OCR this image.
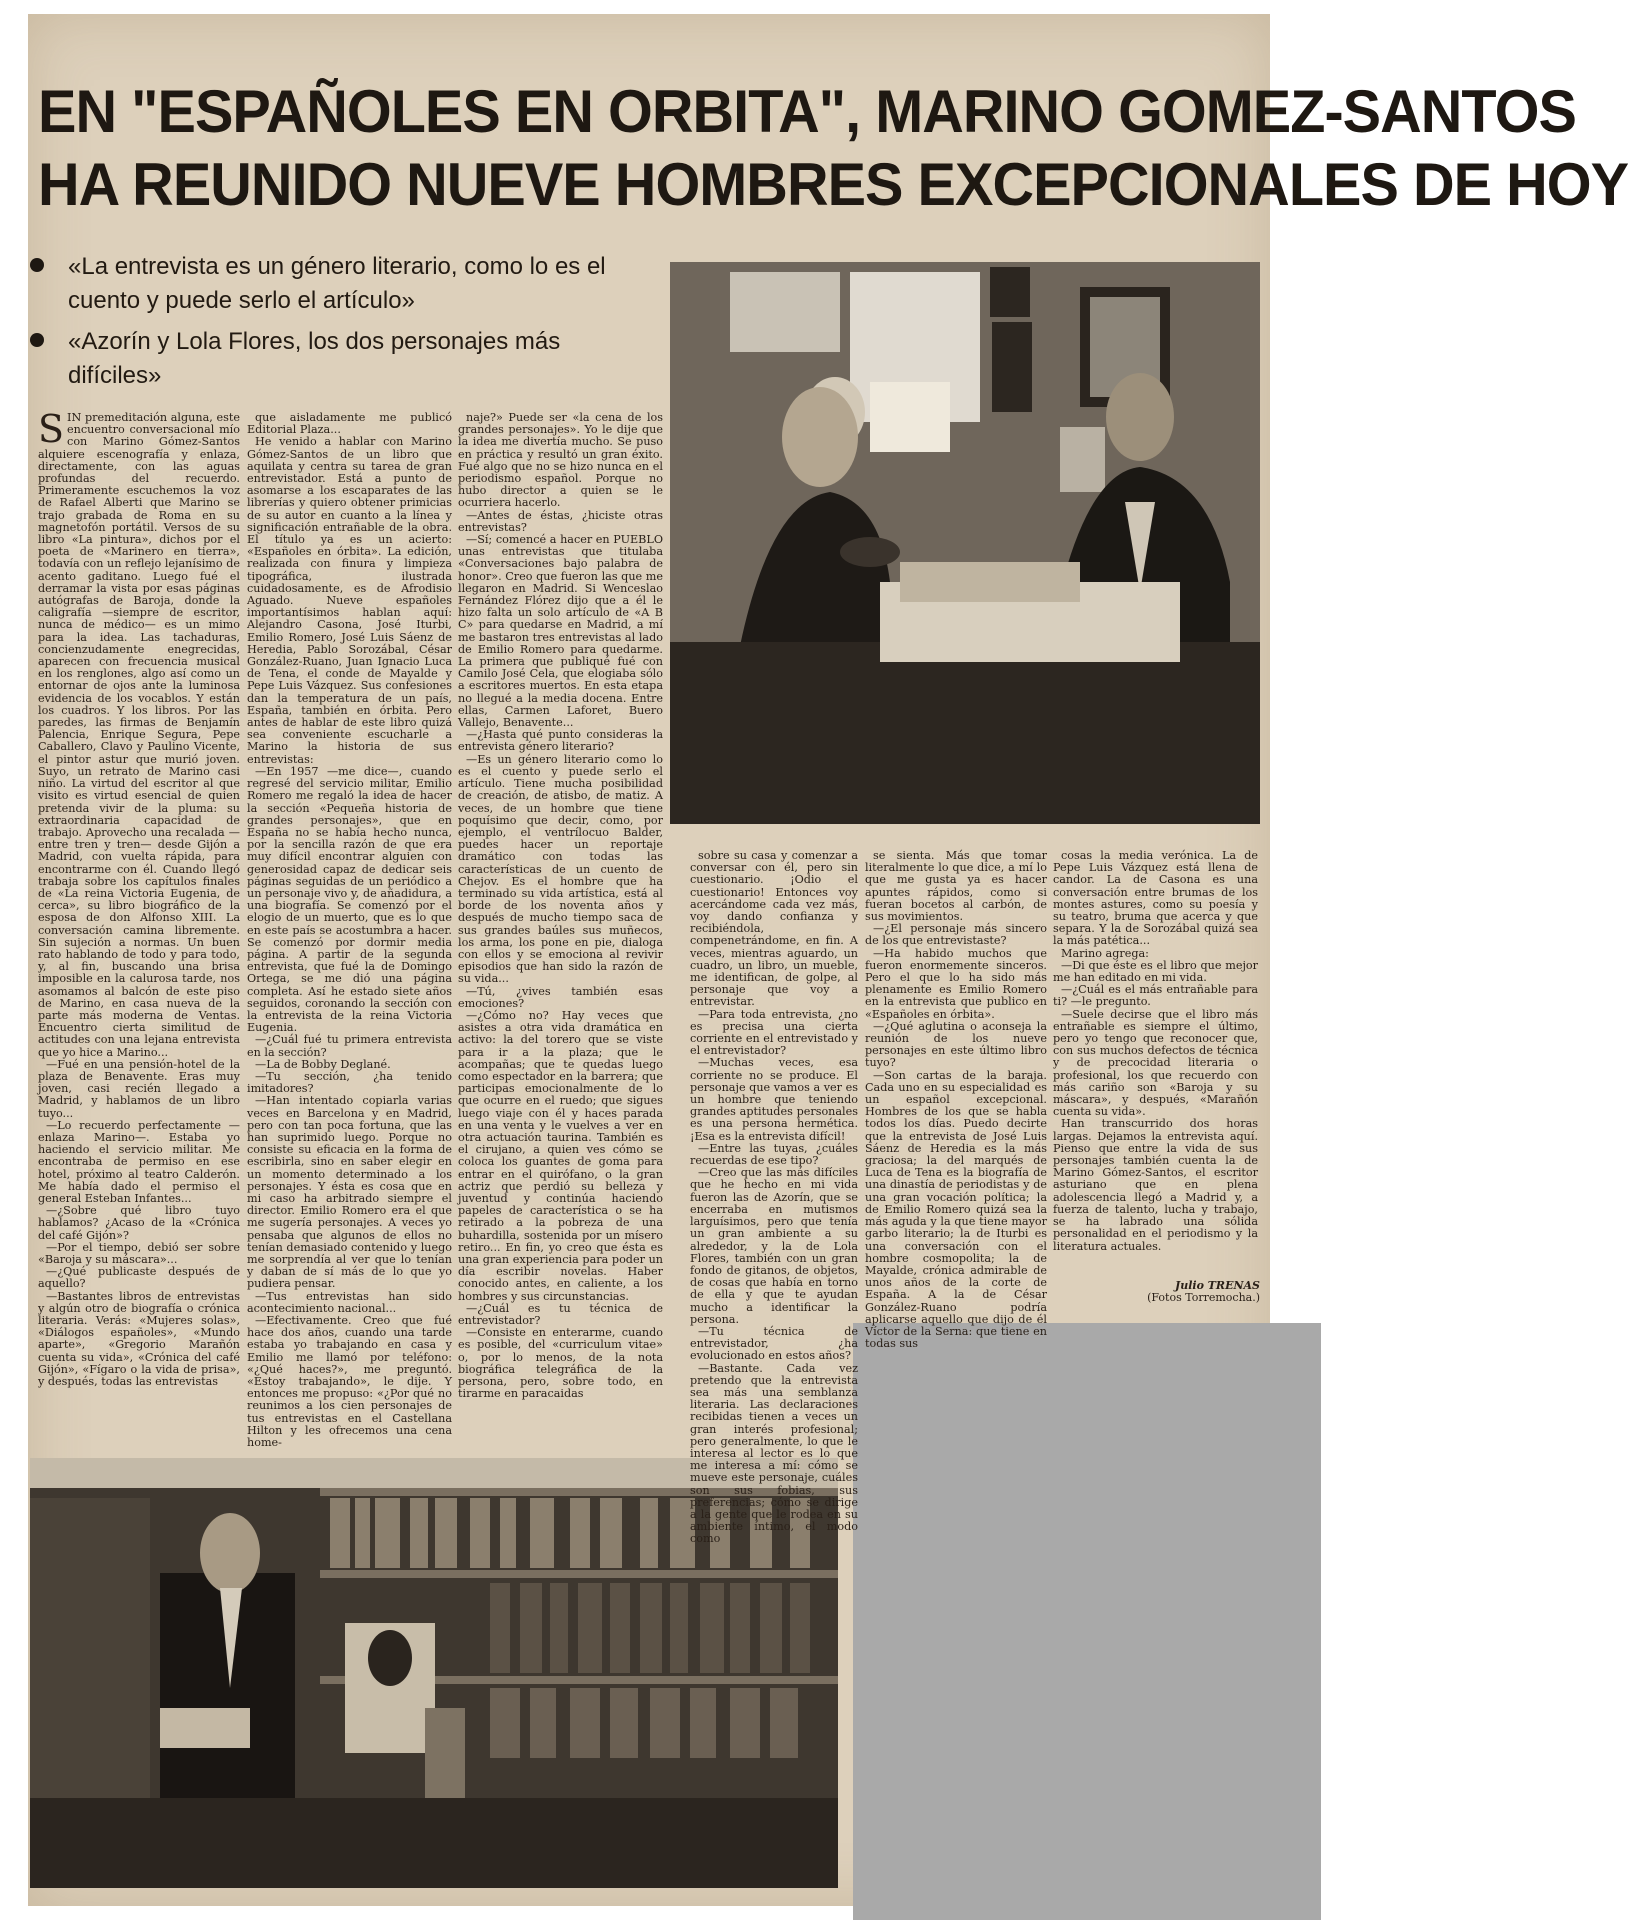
EN "ESPAÑOLES EN ORBITA", MARINO GOMEZ-SANTOS
HA REUNIDO NUEVE HOMBRES EXCEPCIONALES DE HOY
«La entrevista es un género literario, como lo es el cuento y puede serlo el artículo»
«Azorín y Lola Flores, los dos personajes más difíciles»

SIN premeditación alguna, este encuentro conversacional mío con Marino Gómez-Santos alquiere escenografía y enlaza, directamente, con las aguas profundas del recuerdo. Primeramente escuchemos la voz de Rafael Alberti que Marino se trajo grabada de Roma en su magnetofón portátil. Versos de su libro «La pintura», dichos por el poeta de «Marinero en tierra», todavía con un reflejo lejanísimo de acento gaditano. Luego fué el derramar la vista por esas páginas autógrafas de Baroja, donde la caligrafía —siempre de escritor, nunca de médico— es un mimo para la idea. Las tachaduras, concienzudamente enegrecidas, aparecen con frecuencia musical en los renglones, algo así como un entornar de ojos ante la luminosa evidencia de los vocablos. Y están los cuadros. Y los libros. Por las paredes, las firmas de Benjamín Palencia, Enrique Segura, Pepe Caballero, Clavo y Paulino Vicente, el pintor astur que murió joven. Suyo, un retrato de Marino casi niño. La virtud del escritor al que visito es virtud esencial de quien pretenda vivir de la pluma: su extraordinaria capacidad de trabajo. Aprovecho una recalada —entre tren y tren— desde Gijón a Madrid, con vuelta rápida, para encontrarme con él. Cuando llegó trabaja sobre los capítulos finales de «La reina Victoria Eugenia, de cerca», su libro biográfico de la esposa de don Alfonso XIII. La conversación camina libremente. Sin sujeción a normas. Un buen rato hablando de todo y para todo, y, al fin, buscando una brisa imposible en la calurosa tarde, nos asomamos al balcón de este piso de Marino, en casa nueva de la parte más moderna de Ventas. Encuentro cierta similitud de actitudes con una lejana entrevista que yo hice a Marino...

—Fué en una pensión-hotel de la plaza de Benavente. Eras muy joven, casi recién llegado a Madrid, y hablamos de un libro tuyo...

—Lo recuerdo perfectamente —enlaza Marino—. Estaba yo haciendo el servicio militar. Me encontraba de permiso en ese hotel, próximo al teatro Calderón. Me había dado el permiso el general Esteban Infantes...

—¿Sobre qué libro tuyo hablamos? ¿Acaso de la «Crónica del café Gijón»?

—Por el tiempo, debió ser sobre «Baroja y su máscara»...

—¿Qué publicaste después de aquello?

—Bastantes libros de entrevistas y algún otro de biografía o crónica literaria. Verás: «Mujeres solas», «Diálogos españoles», «Mundo aparte», «Gregorio Marañón cuenta su vida», «Crónica del café Gijón», «Fígaro o la vida de prisa», y después, todas las entrevistas

que aisladamente me publicó Editorial Plaza...

He venido a hablar con Marino Gómez-Santos de un libro que aquilata y centra su tarea de gran entrevistador. Está a punto de asomarse a los escaparates de las librerías y quiero obtener primicias de su autor en cuanto a la línea y significación entrañable de la obra. El título ya es un acierto: «Españoles en órbita». La edición, realizada con finura y limpieza tipográfica, ilustrada cuidadosamente, es de Afrodisio Aguado. Nueve españoles importantísimos hablan aquí: Alejandro Casona, José Iturbi, Emilio Romero, José Luis Sáenz de Heredia, Pablo Sorozábal, César González-Ruano, Juan Ignacio Luca de Tena, el conde de Mayalde y Pepe Luis Vázquez. Sus confesiones dan la temperatura de un país, España, también en órbita. Pero antes de hablar de este libro quizá sea conveniente escucharle a Marino la historia de sus entrevistas:

—En 1957 —me dice—, cuando regresé del servicio militar, Emilio Romero me regaló la idea de hacer la sección «Pequeña historia de grandes personajes», que en España no se había hecho nunca, por la sencilla razón de que era muy difícil encontrar alguien con generosidad capaz de dedicar seis páginas seguidas de un periódico a un personaje vivo y, de añadidura, a una biografía. Se comenzó por el elogio de un muerto, que es lo que en este país se acostumbra a hacer. Se comenzó por dormir media página. A partir de la segunda entrevista, que fué la de Domingo Ortega, se me dió una página completa. Así he estado siete años seguidos, coronando la sección con la entrevista de la reina Victoria Eugenia.

—¿Cuál fué tu primera entrevista en la sección?

—La de Bobby Deglané.

—Tu sección, ¿ha tenido imitadores?

—Han intentado copiarla varias veces en Barcelona y en Madrid, pero con tan poca fortuna, que las han suprimido luego. Porque no consiste su eficacia en la forma de escribirla, sino en saber elegir en un momento determinado a los personajes. Y ésta es cosa que en mi caso ha arbitrado siempre el director. Emilio Romero era el que me sugería personajes. A veces yo pensaba que algunos de ellos no tenían demasiado contenido y luego me sorprendía al ver que lo tenían y daban de sí más de lo que yo pudiera pensar.

—Tus entrevistas han sido acontecimiento nacional...

—Efectivamente. Creo que fué hace dos años, cuando una tarde estaba yo trabajando en casa y Emilio me llamó por teléfono: «¿Qué haces?», me preguntó. «Estoy trabajando», le dije. Y entonces me propuso: «¿Por qué no reunimos a los cien personajes de tus entrevistas en el Castellana Hilton y les ofrecemos una cena home-

naje?» Puede ser «la cena de los grandes personajes». Yo le dije que la idea me divertía mucho. Se puso en práctica y resultó un gran éxito. Fué algo que no se hizo nunca en el periodismo español. Porque no hubo director a quien se le ocurriera hacerlo.

—Antes de éstas, ¿hiciste otras entrevistas?

—Sí; comencé a hacer en PUEBLO unas entrevistas que titulaba «Conversaciones bajo palabra de honor». Creo que fueron las que me llegaron en Madrid. Si Wenceslao Fernández Flórez dijo que a él le hizo falta un solo artículo de «A B C» para quedarse en Madrid, a mí me bastaron tres entrevistas al lado de Emilio Romero para quedarme. La primera que publiqué fué con Camilo José Cela, que elogiaba sólo a escritores muertos. En esta etapa no llegué a la media docena. Entre ellas, Carmen Laforet, Buero Vallejo, Benavente...

—¿Hasta qué punto consideras la entrevista género literario?

—Es un género literario como lo es el cuento y puede serlo el artículo. Tiene mucha posibilidad de creación, de atisbo, de matiz. A veces, de un hombre que tiene poquísimo que decir, como, por ejemplo, el ventrílocuo Balder, puedes hacer un reportaje dramático con todas las características de un cuento de Chejov. Es el hombre que ha terminado su vida artística, está al borde de los noventa años y después de mucho tiempo saca de sus grandes baúles sus muñecos, los arma, los pone en pie, dialoga con ellos y se emociona al revivir episodios que han sido la razón de su vida...

—Tú, ¿vives también esas emociones?

—¿Cómo no? Hay veces que asistes a otra vida dramática en activo: la del torero que se viste para ir a la plaza; que le acompañas; que te quedas luego como espectador en la barrera; que participas emocionalmente de lo que ocurre en el ruedo; que sigues luego viaje con él y haces parada en una venta y le vuelves a ver en otra actuación taurina. También es el cirujano, a quien ves cómo se coloca los guantes de goma para entrar en el quirófano, o la gran actriz que perdió su belleza y juventud y continúa haciendo papeles de característica o se ha retirado a la pobreza de una buhardilla, sostenida por un mísero retiro... En fin, yo creo que ésta es una gran experiencia para poder un día escribir novelas. Haber conocido antes, en caliente, a los hombres y sus circunstancias.

—¿Cuál es tu técnica de entrevistador?

—Consiste en enterarme, cuando es posible, del «curriculum vitae» o, por lo menos, de la nota biográfica telegráfica de la persona, pero, sobre todo, en tirarme en paracaidas

sobre su casa y comenzar a conversar con él, pero sin cuestionario. ¡Odio el cuestionario! Entonces voy acercándome cada vez más, voy dando confianza y recibiéndola, compenetrándome, en fin. A veces, mientras aguardo, un cuadro, un libro, un mueble, me identifican, de golpe, al personaje que voy a entrevistar.

—Para toda entrevista, ¿no es precisa una cierta corriente en el entrevistado y el entrevistador?

—Muchas veces, esa corriente no se produce. El personaje que vamos a ver es un hombre que teniendo grandes aptitudes personales es una persona hermética. ¡Esa es la entrevista difícil!

—Entre las tuyas, ¿cuáles recuerdas de ese tipo?

—Creo que las más difíciles que he hecho en mi vida fueron las de Azorín, que se encerraba en mutismos larguísimos, pero que tenía un gran ambiente a su alrededor, y la de Lola Flores, también con un gran fondo de gitanos, de objetos, de cosas que había en torno de ella y que te ayudan mucho a identificar la persona.

—Tu técnica de entrevistador, ¿ha evolucionado en estos años?

—Bastante. Cada vez pretendo que la entrevista sea más una semblanza literaria. Las declaraciones recibidas tienen a veces un gran interés profesional; pero generalmente, lo que le interesa al lector es lo que me interesa a mí: cómo se mueve este personaje, cuáles son sus fobias, sus preferencias; cómo se dirige a la gente que le rodea en su ambiente íntimo, el modo como

se sienta. Más que tomar literalmente lo que dice, a mí lo que me gusta ya es hacer apuntes rápidos, como si fueran bocetos al carbón, de sus movimientos.

—¿El personaje más sincero de los que entrevistaste?

—Ha habido muchos que fueron enormemente sinceros. Pero el que lo ha sido más plenamente es Emilio Romero en la entrevista que publico en «Españoles en órbita».

—¿Qué aglutina o aconseja la reunión de los nueve personajes en este último libro tuyo?

—Son cartas de la baraja. Cada uno en su especialidad es un español excepcional. Hombres de los que se habla todos los días. Puedo decirte que la entrevista de José Luis Sáenz de Heredia es la más graciosa; la del marqués de Luca de Tena es la biografía de una dinastía de periodistas y de una gran vocación política; la de Emilio Romero quizá sea la más aguda y la que tiene mayor garbo literario; la de Iturbi es una conversación con el hombre cosmopolita; la de Mayalde, crónica admirable de unos años de la corte de España. A la de César González-Ruano podría aplicarse aquello que dijo de él Víctor de la Serna: que tiene en todas sus

cosas la media verónica. La de Pepe Luis Vázquez está llena de candor. La de Casona es una conversación entre brumas de los montes astures, como su poesía y su teatro, bruma que acerca y que separa. Y la de Sorozábal quizá sea la más patética...

Marino agrega:

—Di que éste es el libro que mejor me han editado en mi vida.

—¿Cuál es el más entrañable para ti? —le pregunto.

—Suele decirse que el libro más entrañable es siempre el último, pero yo tengo que reconocer que, con sus muchos defectos de técnica y de precocidad literaria o profesional, los que recuerdo con más cariño son «Baroja y su máscara», y después, «Marañón cuenta su vida».

Han transcurrido dos horas largas. Dejamos la entrevista aquí. Pienso que entre la vida de sus personajes también cuenta la de Marino Gómez-Santos, el escritor asturiano que en plena adolescencia llegó a Madrid y, a fuerza de talento, lucha y trabajo, se ha labrado una sólida personalidad en el periodismo y la literatura actuales.

Julio TRENAS
(Fotos Torremocha.)
